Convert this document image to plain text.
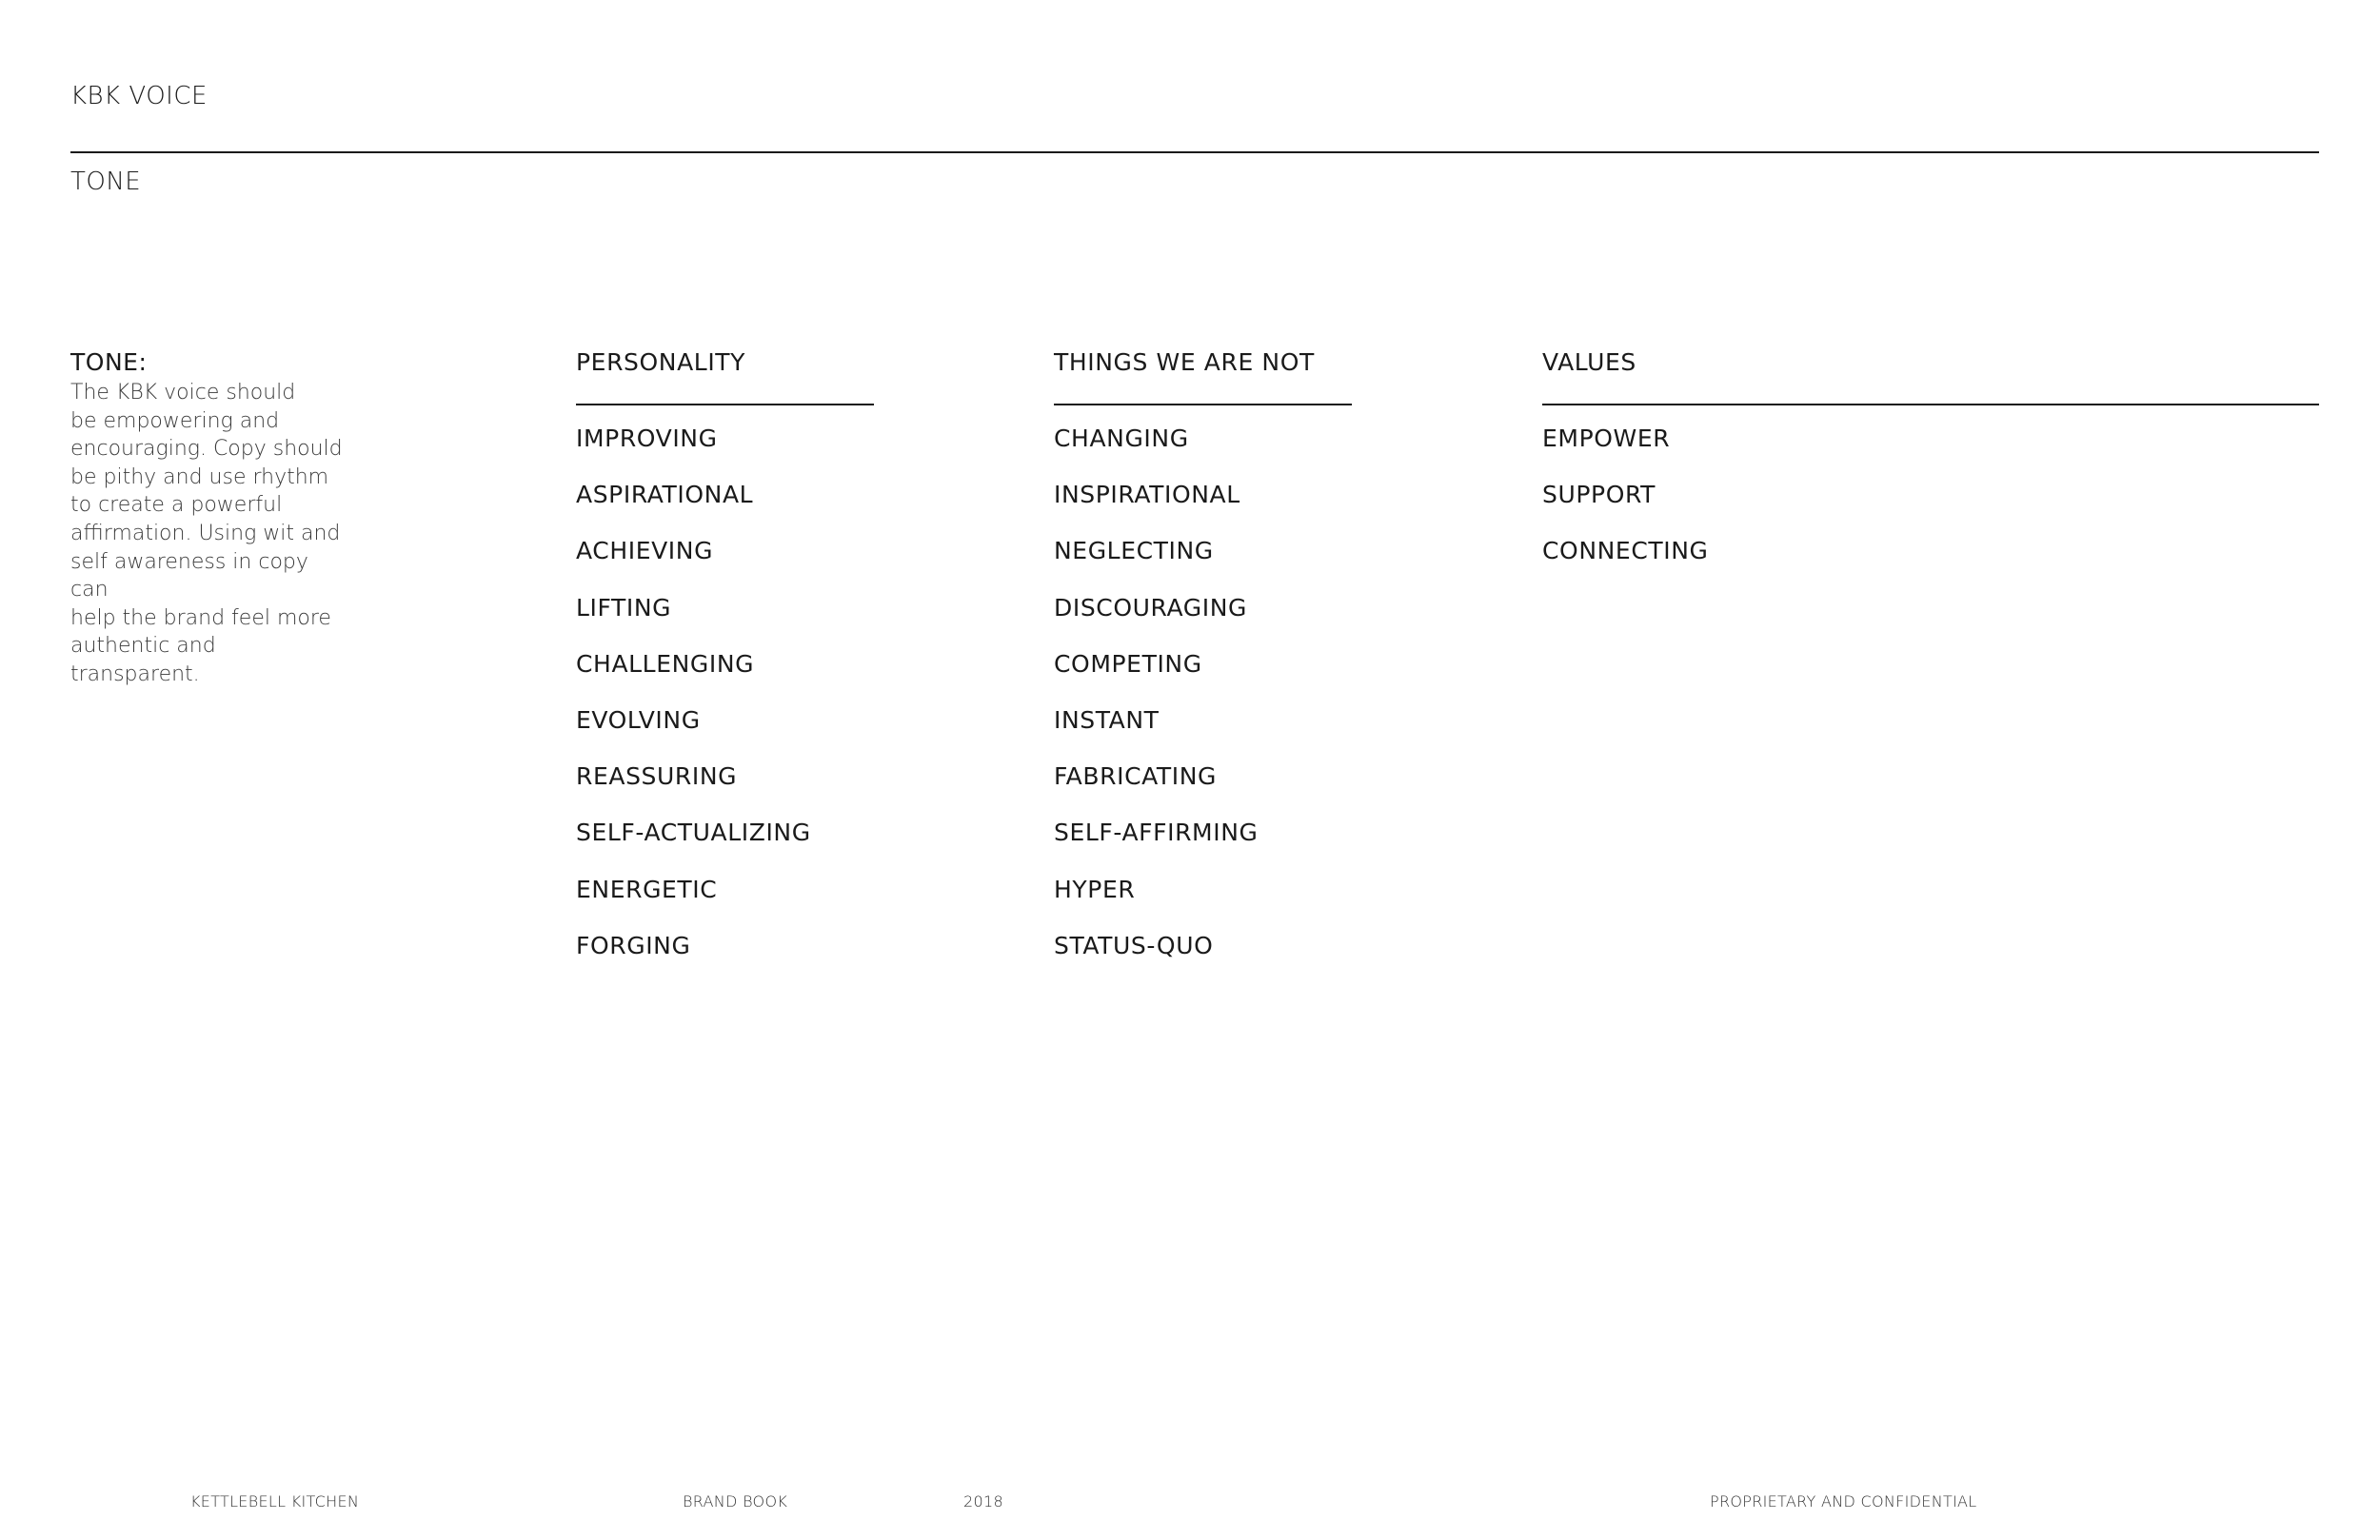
KBK VOICE
TONE
TONE:
The KBK voice should
be empowering and
encouraging. Copy should
be pithy and use rhythm
to create a powerful
affirmation. Using wit and
self awareness in copy can
help the brand feel more
authentic and transparent.
PERSONALITY
IMPROVING
ASPIRATIONAL
ACHIEVING
LIFTING
CHALLENGING
EVOLVING
REASSURING
SELF-ACTUALIZING
ENERGETIC
FORGING
THINGS WE ARE NOT
CHANGING
INSPIRATIONAL
NEGLECTING
DISCOURAGING
COMPETING
INSTANT
FABRICATING
SELF-AFFIRMING
HYPER
STATUS-QUO
VALUES
EMPOWER
SUPPORT
CONNECTING
KETTLEBELL KITCHEN	BRAND BOOK	2018	PROPRIETARY AND CONFIDENTIAL
